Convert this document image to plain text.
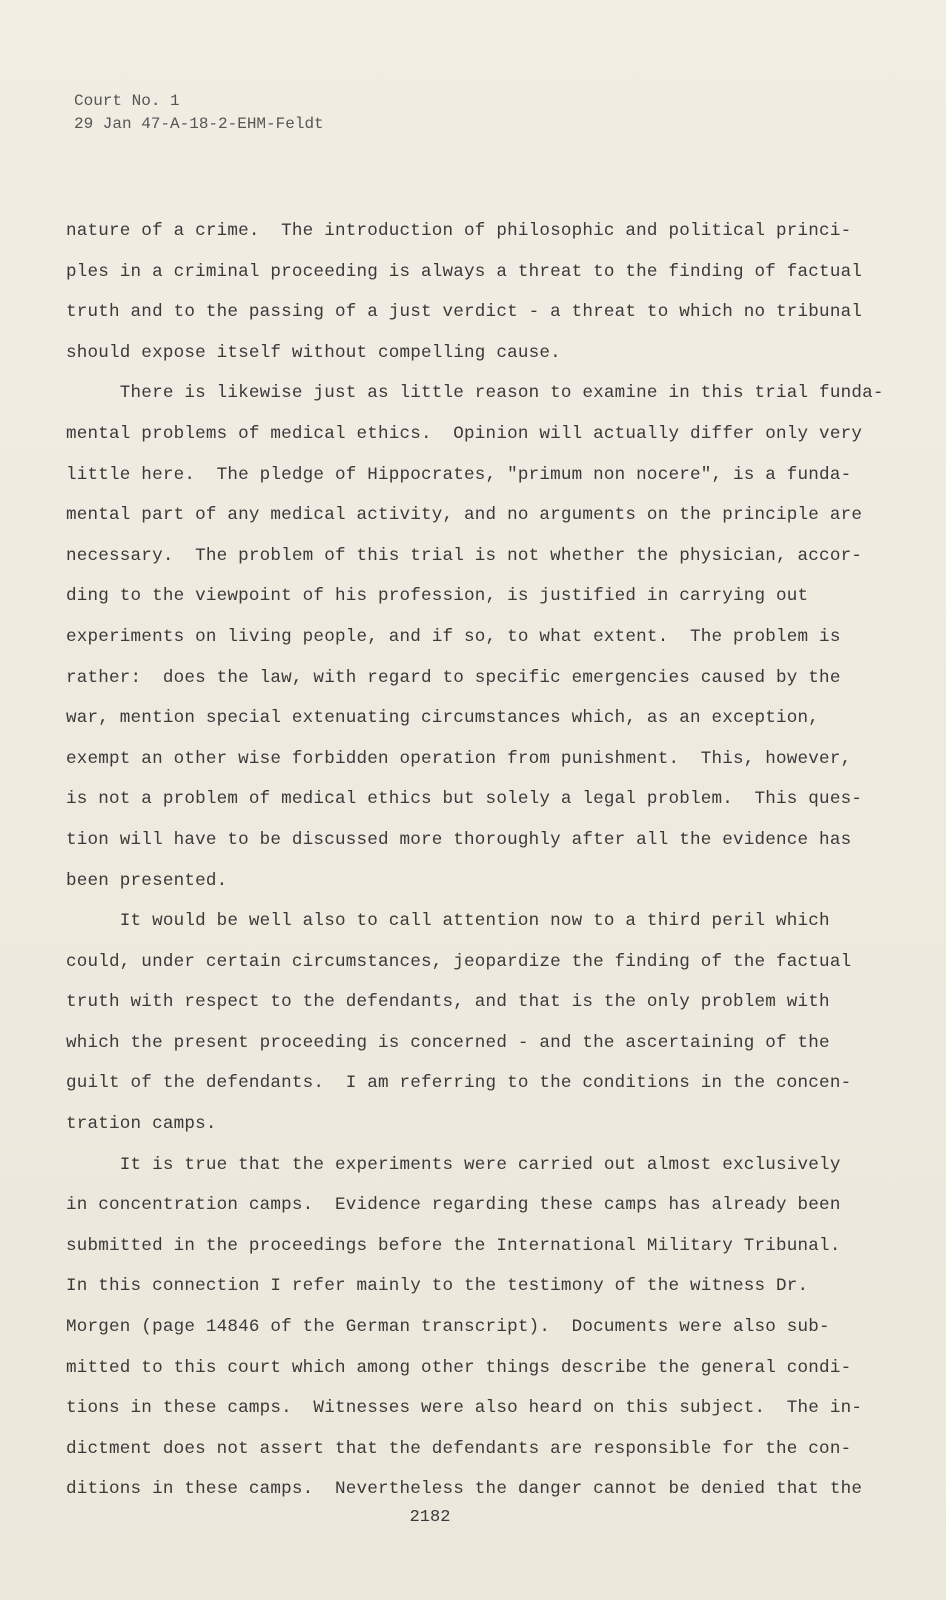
Court No. 1
29 Jan 47-A-18-2-EHM-Feldt
nature of a crime.  The introduction of philosophic and political princi-
ples in a criminal proceeding is always a threat to the finding of factual
truth and to the passing of a just verdict - a threat to which no tribunal
should expose itself without compelling cause.
There is likewise just as little reason to examine in this trial funda-
mental problems of medical ethics.  Opinion will actually differ only very
little here.  The pledge of Hippocrates, "primum non nocere", is a funda-
mental part of any medical activity, and no arguments on the principle are
necessary.  The problem of this trial is not whether the physician, accor-
ding to the viewpoint of his profession, is justified in carrying out
experiments on living people, and if so, to what extent.  The problem is
rather:  does the law, with regard to specific emergencies caused by the
war, mention special extenuating circumstances which, as an exception,
exempt an other wise forbidden operation from punishment.  This, however,
is not a problem of medical ethics but solely a legal problem.  This ques-
tion will have to be discussed more thoroughly after all the evidence has
been presented.
It would be well also to call attention now to a third peril which
could, under certain circumstances, jeopardize the finding of the factual
truth with respect to the defendants, and that is the only problem with
which the present proceeding is concerned - and the ascertaining of the
guilt of the defendants.  I am referring to the conditions in the concen-
tration camps.
It is true that the experiments were carried out almost exclusively
in concentration camps.  Evidence regarding these camps has already been
submitted in the proceedings before the International Military Tribunal.
In this connection I refer mainly to the testimony of the witness Dr.
Morgen (page 14846 of the German transcript).  Documents were also sub-
mitted to this court which among other things describe the general condi-
tions in these camps.  Witnesses were also heard on this subject.  The in-
dictment does not assert that the defendants are responsible for the con-
ditions in these camps.  Nevertheless the danger cannot be denied that the
2182
